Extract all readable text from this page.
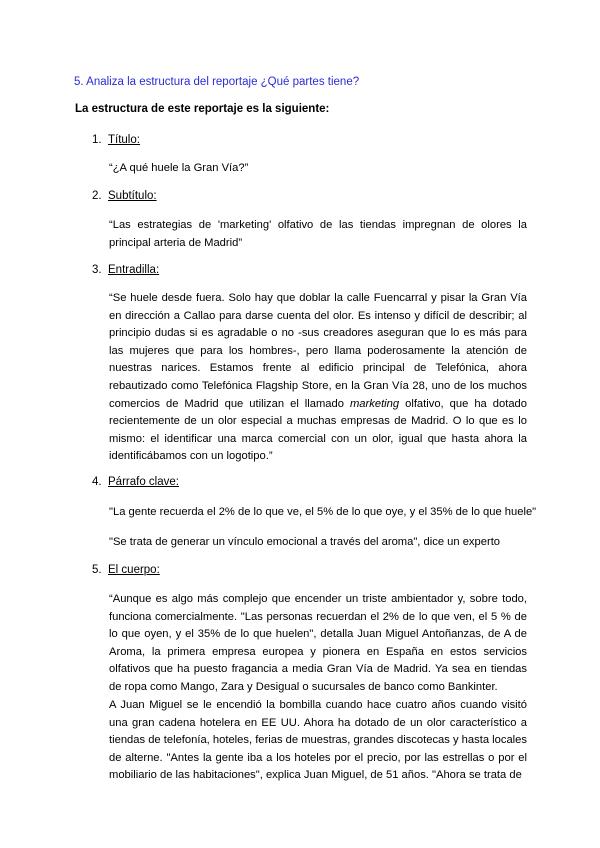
5. Analiza la estructura del reportaje ¿Qué partes tiene?
La estructura de este reportaje es la siguiente:
1. Título:

“¿A qué huele la Gran Vía?”

2. Subtítulo:

“Las estrategias de 'marketing' olfativo de las tiendas impregnan de olores la principal arteria de Madrid”

3. Entradilla:

“Se huele desde fuera. Solo hay que doblar la calle Fuencarral y pisar la Gran Vía en dirección a Callao para darse cuenta del olor. Es intenso y difícil de describir; al principio dudas si es agradable o no -sus creadores aseguran que lo es más para las mujeres que para los hombres-, pero llama poderosamente la atención de nuestras narices. Estamos frente al edificio principal de Telefónica, ahora rebautizado como Telefónica Flagship Store, en la Gran Vía 28, uno de los muchos comercios de Madrid que utilizan el llamado marketing olfativo, que ha dotado recientemente de un olor especial a muchas empresas de Madrid. O lo que es lo mismo: el identificar una marca comercial con un olor, igual que hasta ahora la identificábamos con un logotipo.”

4. Párrafo clave:

"La gente recuerda el 2% de lo que ve, el 5% de lo que oye, y el 35% de lo que huele"

"Se trata de generar un vínculo emocional a través del aroma", dice un experto

5. El cuerpo:

“Aunque es algo más complejo que encender un triste ambientador y, sobre todo, funciona comercialmente. "Las personas recuerdan el 2% de lo que ven, el 5 % de lo que oyen, y el 35% de lo que huelen", detalla Juan Miguel Antoñanzas, de A de Aroma, la primera empresa europea y pionera en España en estos servicios olfativos que ha puesto fragancia a media Gran Vía de Madrid. Ya sea en tiendas de ropa como Mango, Zara y Desigual o sucursales de banco como Bankinter.

A Juan Miguel se le encendió la bombilla cuando hace cuatro años cuando visitó una gran cadena hotelera en EE UU. Ahora ha dotado de un olor característico a tiendas de telefonía, hoteles, ferias de muestras, grandes discotecas y hasta locales de alterne. "Antes la gente iba a los hoteles por el precio, por las estrellas o por el mobiliario de las habitaciones", explica Juan Miguel, de 51 años. "Ahora se trata de
